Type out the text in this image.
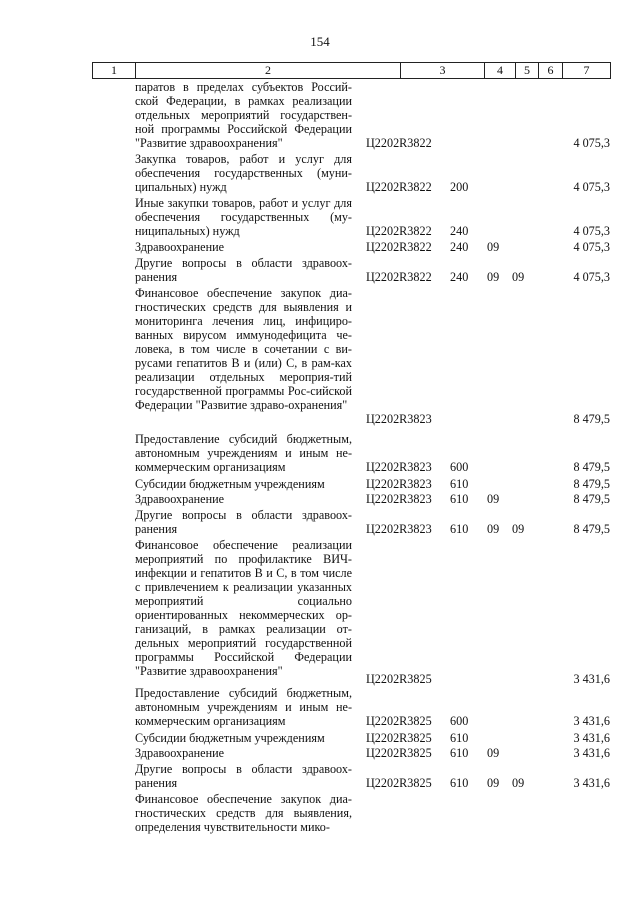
154
1	2	3	4	5	6	7
паратов в пределах субъектов Россий-ской Федерации, в рамках реализации отдельных мероприятий государствен-ной программы Российской Федерации "Развитие здравоохранения"	Ц2202R3822	4 075,3
Закупка товаров, работ и услуг для обеспечения государственных (муни-ципальных) нужд	Ц2202R3822 200	4 075,3
Иные закупки товаров, работ и услуг для обеспечения государственных (му-ниципальных) нужд	Ц2202R3822 240	4 075,3
Здравоохранение	Ц2202R3822 240 09	4 075,3
Другие вопросы в области здравоох-ранения	Ц2202R3822 240 09 09	4 075,3
Финансовое обеспечение закупок диа-гностических средств для выявления и мониторинга лечения лиц, инфициро-ванных вирусом иммунодефицита че-ловека, в том числе в сочетании с ви-русами гепатитов B и (или) C, в рам-ках реализации отдельных мероприя-тий государственной программы Рос-сийской Федерации "Развитие здраво-охранения"
Ц2202R3823	8 479,5
Предоставление субсидий бюджетным, автономным учреждениям и иным не-коммерческим организациям	Ц2202R3823 600	8 479,5
Субсидии бюджетным учреждениям	Ц2202R3823 610	8 479,5
Здравоохранение	Ц2202R3823 610 09	8 479,5
Другие вопросы в области здравоох-ранения	Ц2202R3823 610 09 09	8 479,5
Финансовое обеспечение реализации мероприятий по профилактике ВИЧ-инфекции и гепатитов B и C, в том числе с привлечением к реализации указанных мероприятий социально ориентированных некоммерческих ор-ганизаций, в рамках реализации от-дельных мероприятий государственной программы Российской Федерации "Развитие здравоохранения"
Ц2202R3825	3 431,6
Предоставление субсидий бюджетным, автономным учреждениям и иным не-коммерческим организациям	Ц2202R3825 600	3 431,6
Субсидии бюджетным учреждениям	Ц2202R3825 610	3 431,6
Здравоохранение	Ц2202R3825 610 09	3 431,6
Другие вопросы в области здравоох-ранения	Ц2202R3825 610 09 09	3 431,6
Финансовое обеспечение закупок диа-гностических средств для выявления, определения чувствительности мико-
